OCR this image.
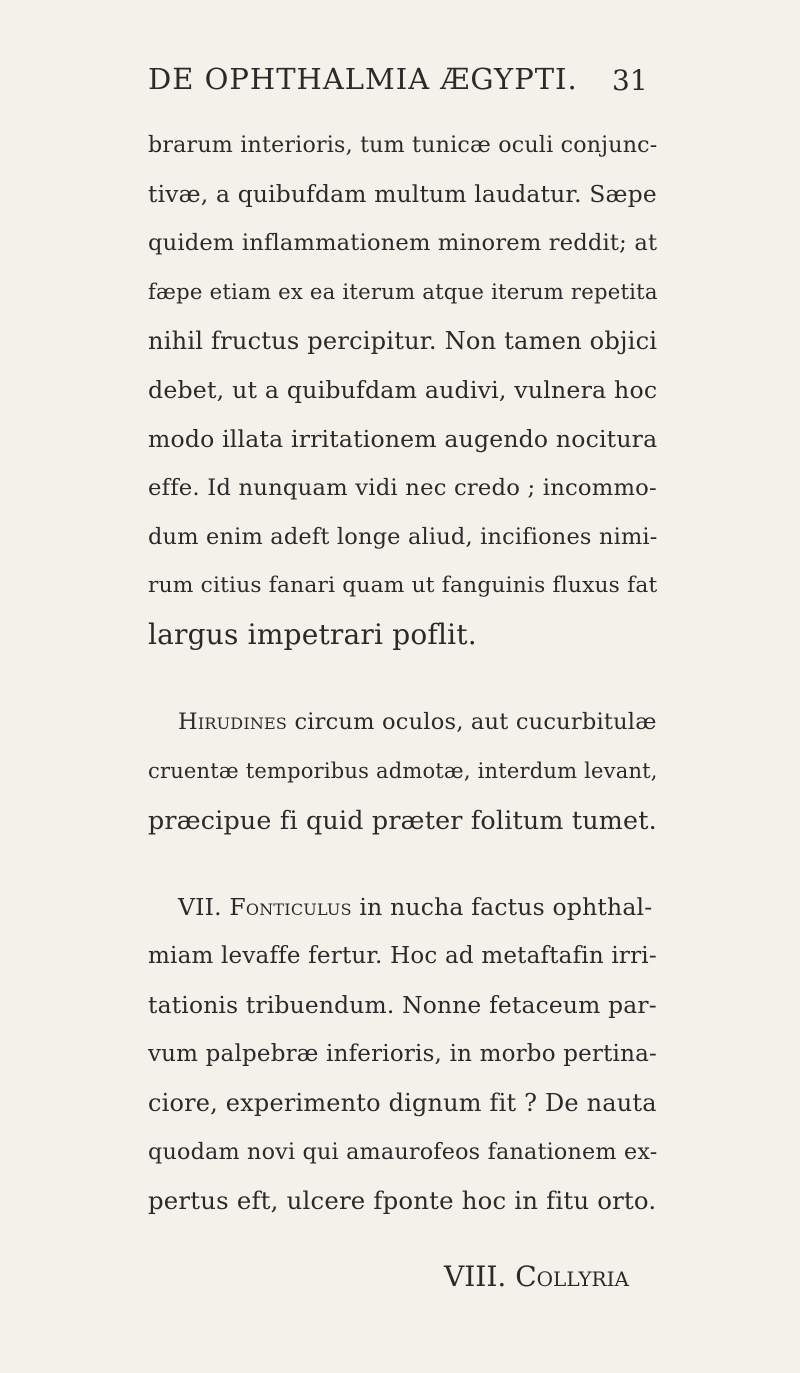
DE OPHTHALMIA ÆGYPTI. 31
brarum interioris, tum tunicæ oculi conjunc-
tivæ, a quibufdam multum laudatur. Sæpe
quidem inflammationem minorem reddit; at
fæpe etiam ex ea iterum atque iterum repetita
nihil fructus percipitur. Non tamen objici
debet, ut a quibufdam audivi, vulnera hoc
modo illata irritationem augendo nocitura
effe. Id nunquam vidi nec credo ; incommo-
dum enim adeft longe aliud, incifiones nimi-
rum citius fanari quam ut fanguinis fluxus fat
largus impetrari poflit.
Hirudines circum oculos, aut cucurbitulæ
cruentæ temporibus admotæ, interdum levant,
præcipue fi quid præter folitum tumet.
VII. Fonticulus in nucha factus ophthal-
miam levaffe fertur. Hoc ad metaftafin irri-
tationis tribuendum. Nonne fetaceum par-
vum palpebræ inferioris, in morbo pertina-
ciore, experimento dignum fit ? De nauta
quodam novi qui amaurofeos fanationem ex-
pertus eft, ulcere fponte hoc in fitu orto.
VIII. Collyria
